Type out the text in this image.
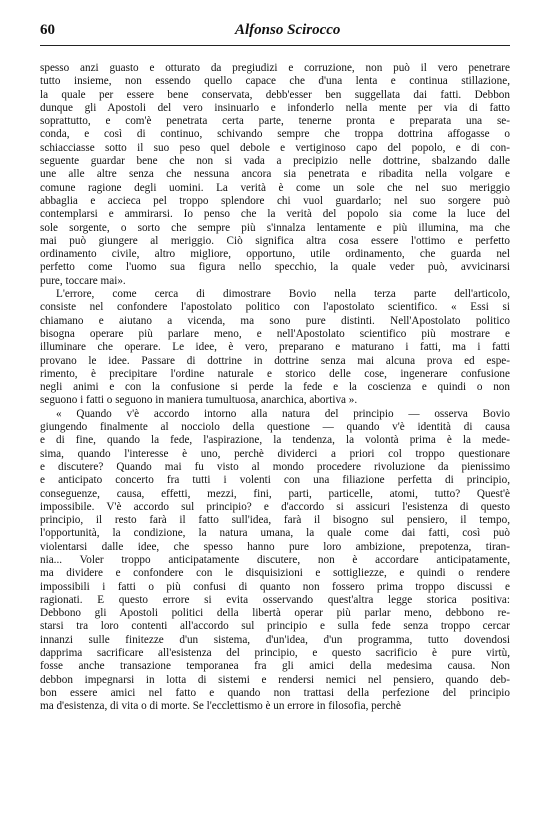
60	Alfonso Scirocco
spesso anzi guasto e otturato da pregiudizi e corruzione, non può il vero penetrare
tutto insieme, non essendo quello capace che d'una lenta e continua stillazione,
la quale per essere bene conservata, debb'esser ben suggellata dai fatti. Debbon
dunque gli Apostoli del vero insinuarlo e infonderlo nella mente per via di fatto
soprattutto, e com'è penetrata certa parte, tenerne pronta e preparata una se-
conda, e così di continuo, schivando sempre che troppa dottrina affogasse o
schiacciasse sotto il suo peso quel debole e vertiginoso capo del popolo, e di con-
seguente guardar bene che non si vada a precipizio nelle dottrine, sbalzando dalle
une alle altre senza che nessuna ancora sia penetrata e ribadita nella volgare e
comune ragione degli uomini. La verità è come un sole che nel suo meriggio
abbaglia e accieca pel troppo splendore chi vuol guardarlo; nel suo sorgere può
contemplarsi e ammirarsi. Io penso che la verità del popolo sia come la luce del
sole sorgente, o sorto che sempre più s'innalza lentamente e più illumina, ma che
mai può giungere al meriggio. Ciò significa altra cosa essere l'ottimo e perfetto
ordinamento civile, altro migliore, opportuno, utile ordinamento, che guarda nel
perfetto come l'uomo sua figura nello specchio, la quale veder può, avvicinarsi
pure, toccare mai».
L'errore, come cerca di dimostrare Bovio nella terza parte dell'articolo,
consiste nel confondere l'apostolato politico con l'apostolato scientifico. « Essi si
chiamano e aiutano a vicenda, ma sono pure distinti. Nell'Apostolato politico
bisogna operare più parlare meno, e nell'Apostolato scientifico più mostrare e
illuminare che operare. Le idee, è vero, preparano e maturano i fatti, ma i fatti
provano le idee. Passare di dottrine in dottrine senza mai alcuna prova ed espe-
rimento, è precipitare l'ordine naturale e storico delle cose, ingenerare confusione
negli animi e con la confusione si perde la fede e la coscienza e quindi o non
seguono i fatti o seguono in maniera tumultuosa, anarchica, abortiva ».
« Quando v'è accordo intorno alla natura del principio — osserva Bovio
giungendo finalmente al nocciolo della questione — quando v'è identità di causa
e di fine, quando la fede, l'aspirazione, la tendenza, la volontà prima è la mede-
sima, quando l'interesse è uno, perchè dividerci a priori col troppo questionare
e discutere? Quando mai fu visto al mondo procedere rivoluzione da pienissimo
e anticipato concerto fra tutti i volenti con una filiazione perfetta di principio,
conseguenze, causa, effetti, mezzi, fini, parti, particelle, atomi, tutto? Quest'è
impossibile. V'è accordo sul principio? e d'accordo si assicuri l'esistenza di questo
principio, il resto farà il fatto sull'idea, farà il bisogno sul pensiero, il tempo,
l'opportunità, la condizione, la natura umana, la quale come dai fatti, così può
violentarsi dalle idee, che spesso hanno pure loro ambizione, prepotenza, tiran-
nia... Voler troppo anticipatamente discutere, non è accordare anticipatamente,
ma dividere e confondere con le disquisizioni e sottigliezze, e quindi o rendere
impossibili i fatti o più confusi di quanto non fossero prima troppo discussi e
ragionati. E questo errore si evita osservando quest'altra legge storica positiva:
Debbono gli Apostoli politici della libertà operar più parlar meno, debbono re-
starsi tra loro contenti all'accordo sul principio e sulla fede senza troppo cercar
innanzi sulle finitezze d'un sistema, d'un'idea, d'un programma, tutto dovendosi
dapprima sacrificare all'esistenza del principio, e questo sacrificio è pure virtù,
fosse anche transazione temporanea fra gli amici della medesima causa. Non
debbon impegnarsi in lotta di sistemi e rendersi nemici nel pensiero, quando deb-
bon essere amici nel fatto e quando non trattasi della perfezione del principio
ma d'esistenza, di vita o di morte. Se l'ecclettismo è un errore in filosofia, perchè
